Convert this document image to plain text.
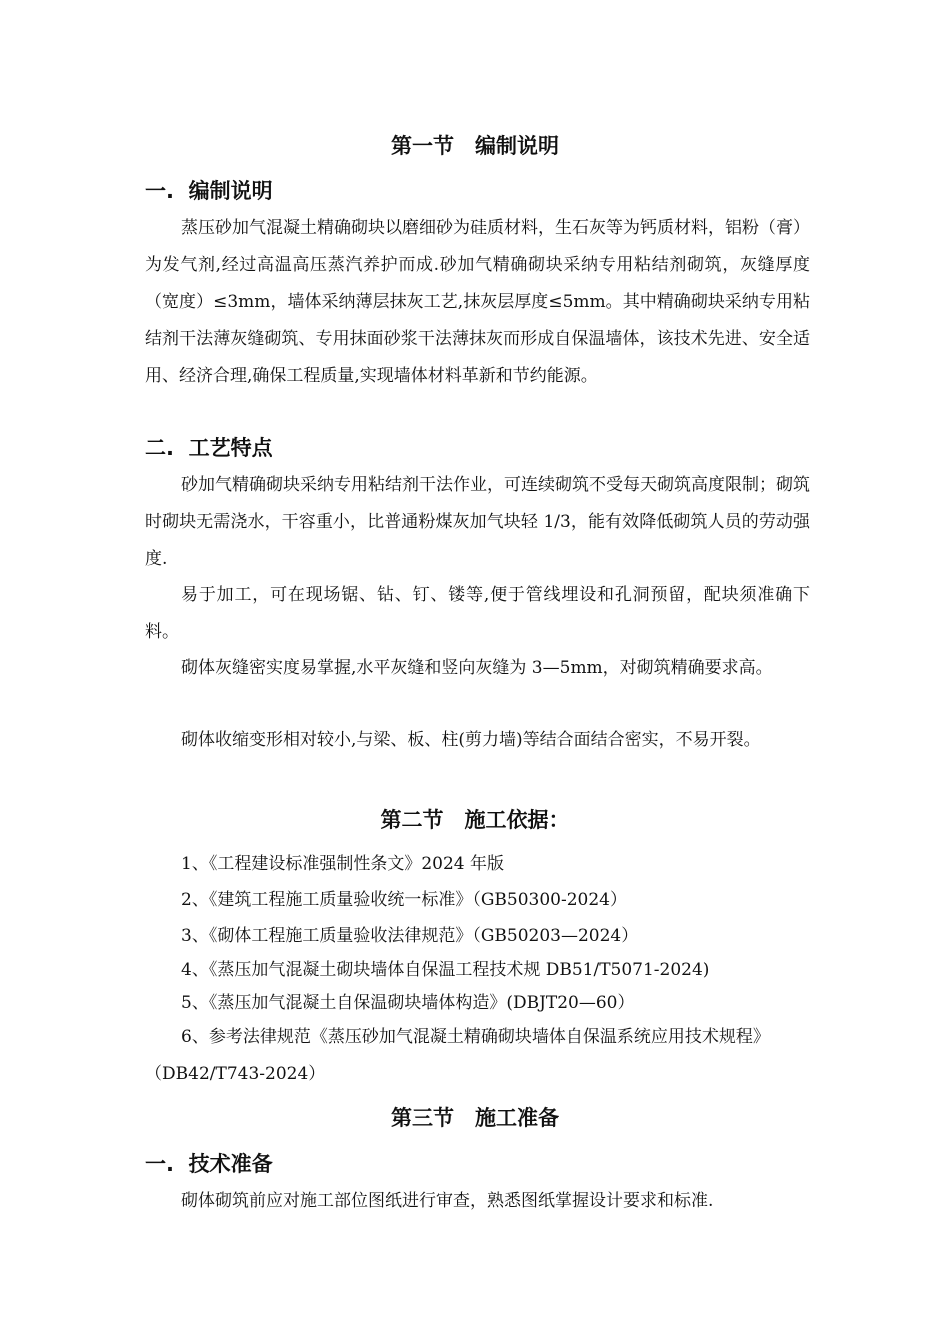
第一节　编制说明
一.  编制说明

蒸压砂加气混凝土精确砌块以磨细砂为硅质材料，生石灰等为钙质材料，铝粉（膏）为发气剂,经过高温高压蒸汽养护而成.砂加气精确砌块采纳专用粘结剂砌筑，灰缝厚度（宽度）≤3mm，墙体采纳薄层抹灰工艺,抹灰层厚度≤5mm。其中精确砌块采纳专用粘结剂干法薄灰缝砌筑、专用抹面砂浆干法薄抹灰而形成自保温墙体，该技术先进、安全适用、经济合理,确保工程质量,实现墙体材料革新和节约能源。

二.  工艺特点

砂加气精确砌块采纳专用粘结剂干法作业，可连续砌筑不受每天砌筑高度限制；砌筑时砌块无需浇水，干容重小，比普通粉煤灰加气块轻 1/3，能有效降低砌筑人员的劳动强度.

易于加工，可在现场锯、钻、钉、镂等,便于管线埋设和孔洞预留，配块须准确下料。

砌体灰缝密实度易掌握,水平灰缝和竖向灰缝为 3—5mm，对砌筑精确要求高。

砌体收缩变形相对较小,与梁、板、柱(剪力墙)等结合面结合密实，不易开裂。

第二节　施工依据：

1、《工程建设标准强制性条文》2024 年版

2、《建筑工程施工质量验收统一标准》（GB50300-2024）

3、《砌体工程施工质量验收法律规范》（GB50203—2024）

4、《蒸压加气混凝土砌块墙体自保温工程技术规 DB51/T5071-2024)

5、《蒸压加气混凝土自保温砌块墙体构造》(DBJT20—60）

6、参考法律规范《蒸压砂加气混凝土精确砌块墙体自保温系统应用技术规程》（DB42/T743-2024）

第三节　施工准备
一.  技术准备

砌体砌筑前应对施工部位图纸进行审查，熟悉图纸掌握设计要求和标准.
